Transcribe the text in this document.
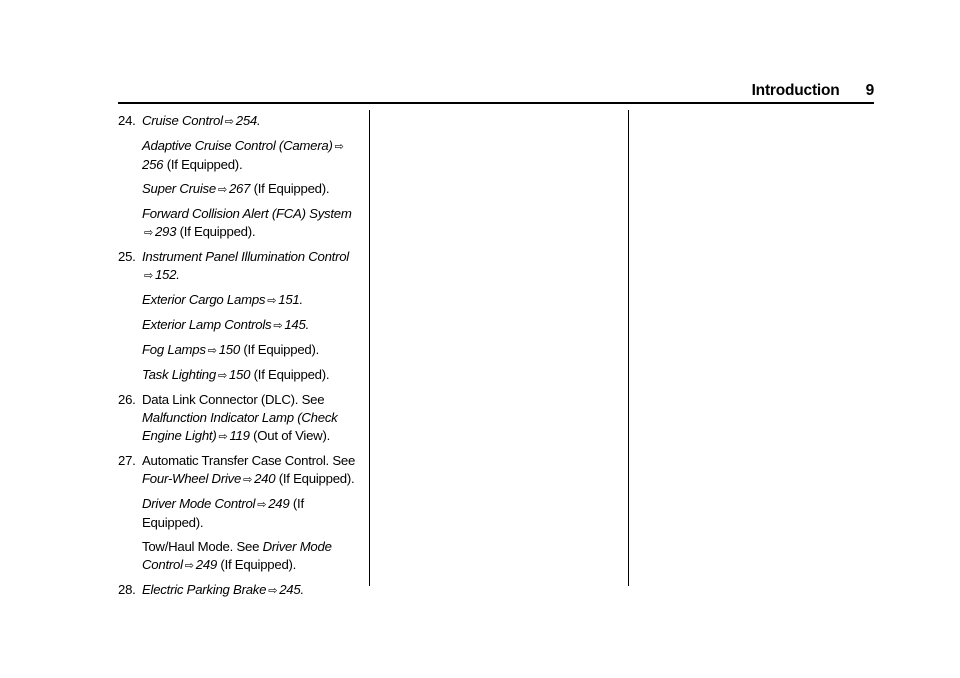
Introduction 9
24. Cruise Control ⇨ 254.
Adaptive Cruise Control (Camera) ⇨256 (If Equipped).
Super Cruise ⇨ 267 (If Equipped).
Forward Collision Alert (FCA) System⇨ 293 (If Equipped).
25. Instrument Panel Illumination Control⇨ 152.
Exterior Cargo Lamps ⇨ 151.
Exterior Lamp Controls ⇨ 145.
Fog Lamps ⇨ 150 (If Equipped).
Task Lighting ⇨ 150 (If Equipped).
26. Data Link Connector (DLC). See Malfunction Indicator Lamp (Check Engine Light) ⇨ 119 (Out of View).
27. Automatic Transfer Case Control. See Four-Wheel Drive ⇨ 240 (If Equipped).
Driver Mode Control ⇨ 249 (If Equipped).
Tow/Haul Mode. See Driver Mode Control ⇨ 249 (If Equipped).
28. Electric Parking Brake ⇨ 245.
